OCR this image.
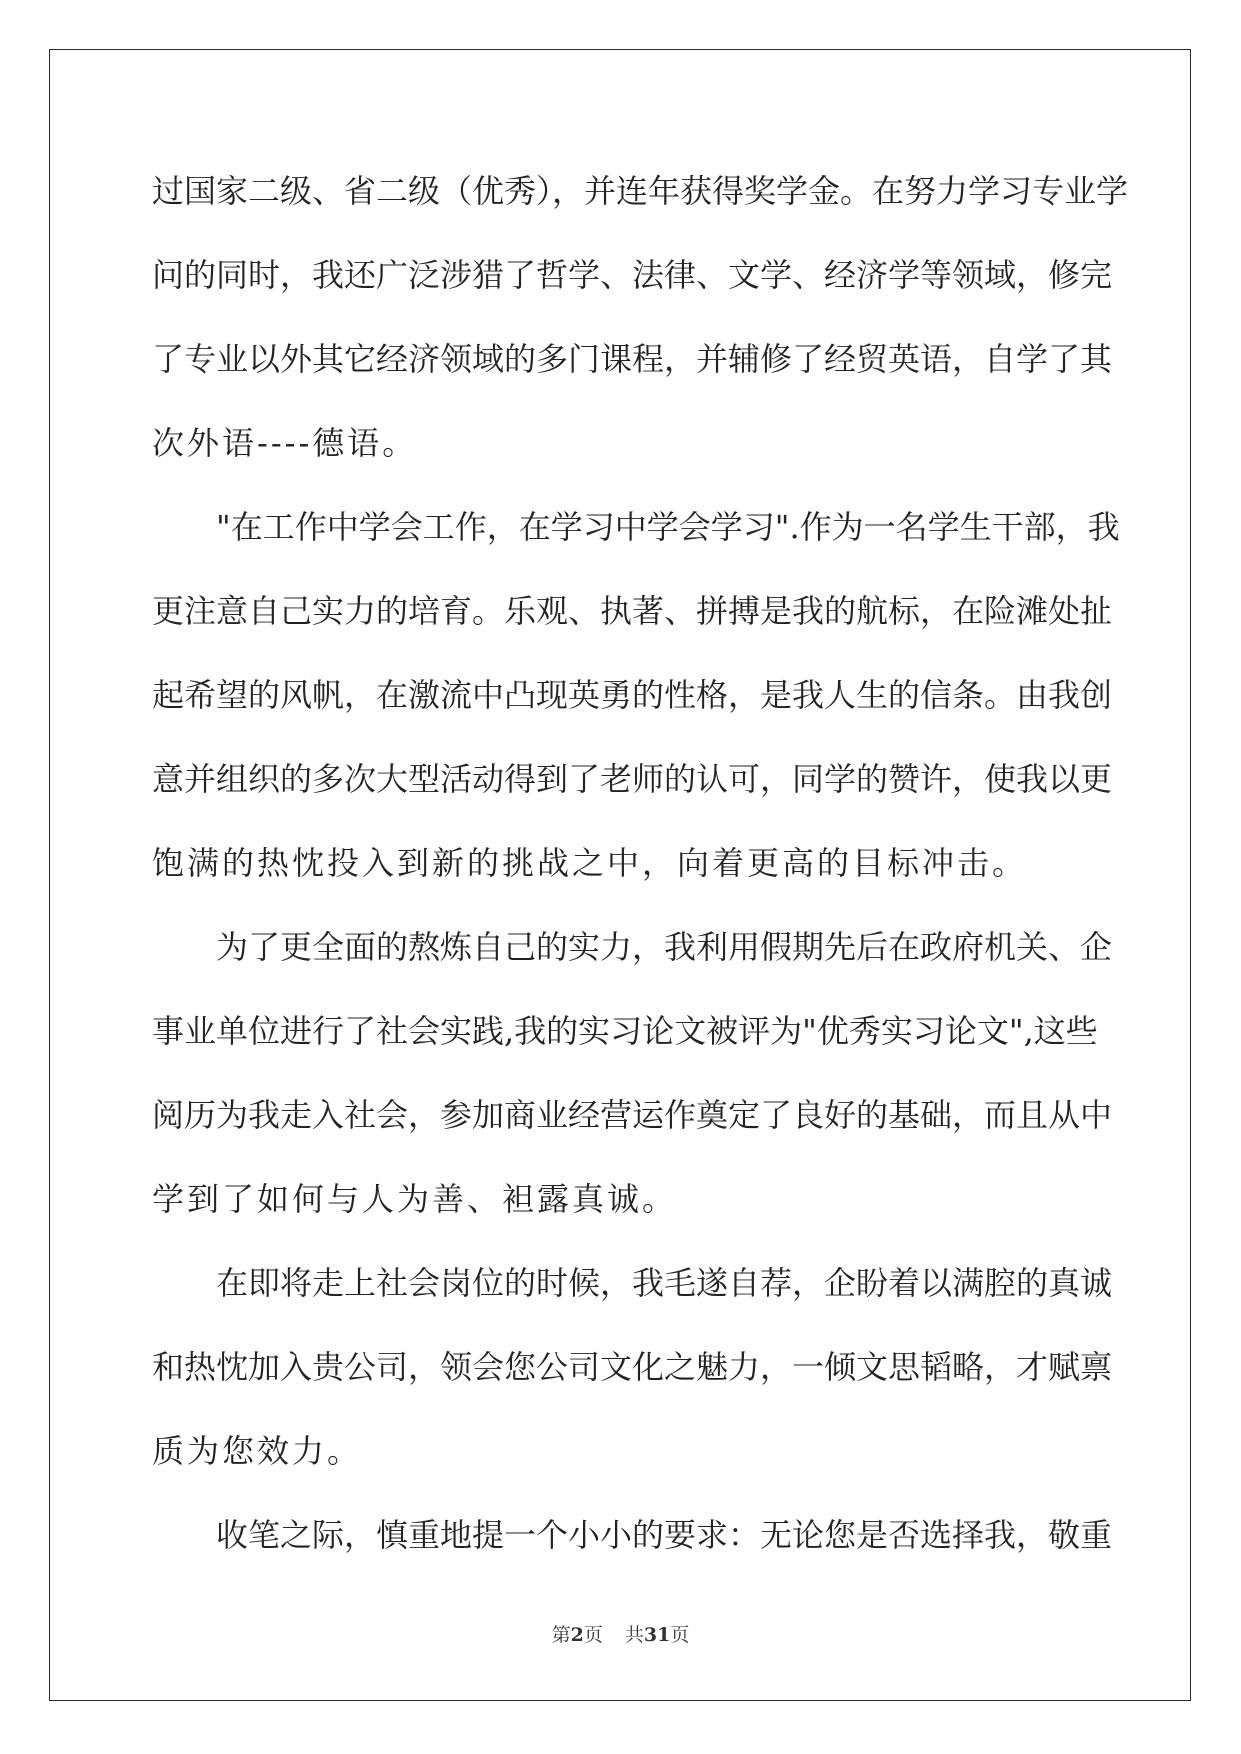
过国家二级、省二级（优秀），并连年获得奖学金。在努力学习专业学
问的同时，我还广泛涉猎了哲学、法律、文学、经济学等领域，修完
了专业以外其它经济领域的多门课程，并辅修了经贸英语，自学了其
次外语----德语。
"在工作中学会工作，在学习中学会学习".作为一名学生干部，我
更注意自己实力的培育。乐观、执著、拼搏是我的航标，在险滩处扯
起希望的风帆，在激流中凸现英勇的性格，是我人生的信条。由我创
意并组织的多次大型活动得到了老师的认可，同学的赞许，使我以更
饱满的热忱投入到新的挑战之中，向着更高的目标冲击。
为了更全面的熬炼自己的实力，我利用假期先后在政府机关、企
事业单位进行了社会实践,我的实习论文被评为"优秀实习论文",这些
阅历为我走入社会，参加商业经营运作奠定了良好的基础，而且从中
学到了如何与人为善、袒露真诚。
在即将走上社会岗位的时候，我毛遂自荐，企盼着以满腔的真诚
和热忱加入贵公司，领会您公司文化之魅力，一倾文思韬略，才赋禀
质为您效力。
收笔之际，慎重地提一个小小的要求：无论您是否选择我，敬重
第2页 共31页
